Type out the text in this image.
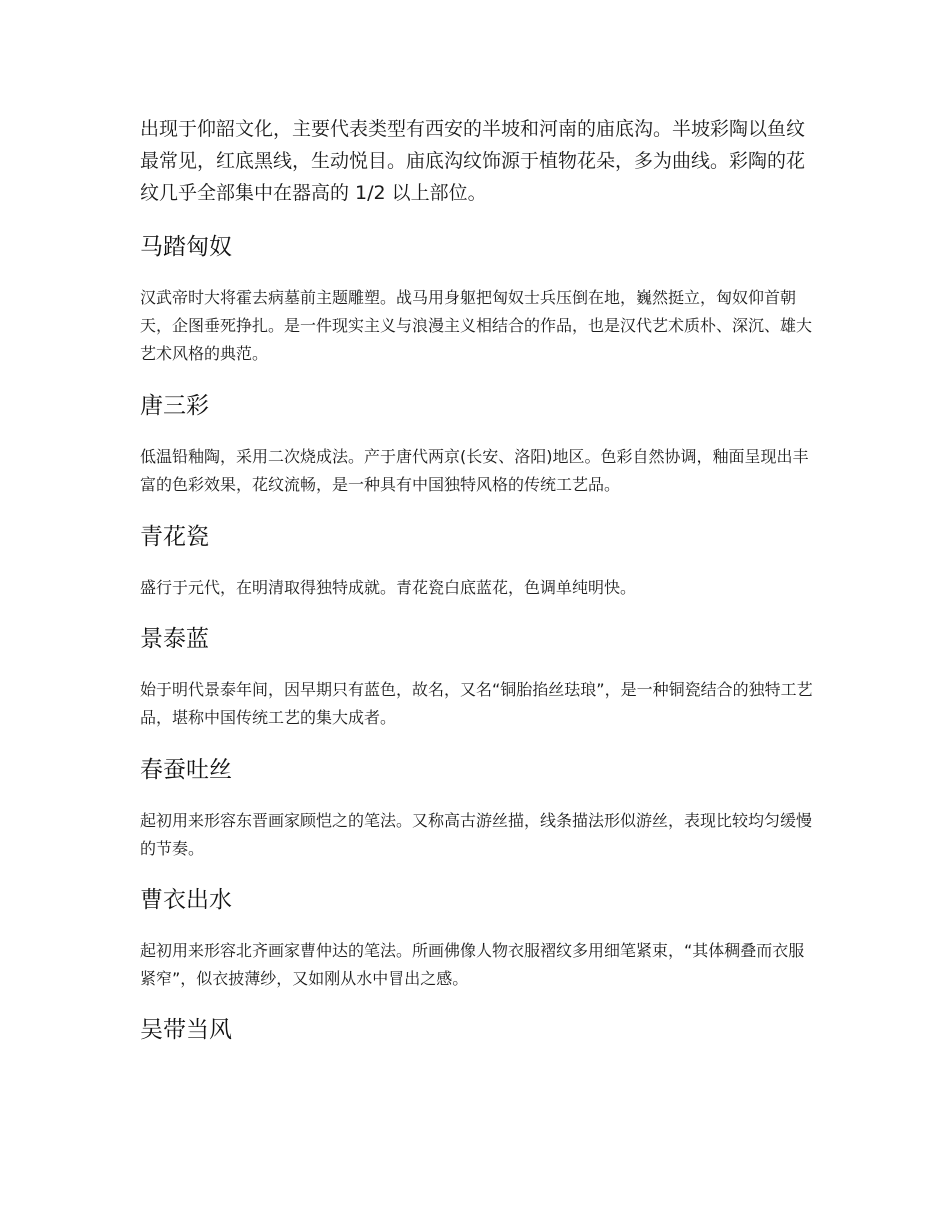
出现于仰韶文化，主要代表类型有西安的半坡和河南的庙底沟。半坡彩陶以鱼纹最常见，红底黑线，生动悦目。庙底沟纹饰源于植物花朵，多为曲线。彩陶的花纹几乎全部集中在器高的 1/2 以上部位。

马踏匈奴

汉武帝时大将霍去病墓前主题雕塑。战马用身躯把匈奴士兵压倒在地，巍然挺立，匈奴仰首朝天，企图垂死挣扎。是一件现实主义与浪漫主义相结合的作品，也是汉代艺术质朴、深沉、雄大艺术风格的典范。

唐三彩

低温铅釉陶，采用二次烧成法。产于唐代两京(长安、洛阳)地区。色彩自然协调，釉面呈现出丰富的色彩效果，花纹流畅，是一种具有中国独特风格的传统工艺品。

青花瓷

盛行于元代，在明清取得独特成就。青花瓷白底蓝花，色调单纯明快。

景泰蓝

始于明代景泰年间，因早期只有蓝色，故名，又名“铜胎掐丝珐琅”，是一种铜瓷结合的独特工艺品，堪称中国传统工艺的集大成者。

春蚕吐丝

起初用来形容东晋画家顾恺之的笔法。又称高古游丝描，线条描法形似游丝，表现比较均匀缓慢的节奏。

曹衣出水

起初用来形容北齐画家曹仲达的笔法。所画佛像人物衣服褶纹多用细笔紧束，“其体稠叠而衣服紧窄”，似衣披薄纱，又如刚从水中冒出之感。

吴带当风
